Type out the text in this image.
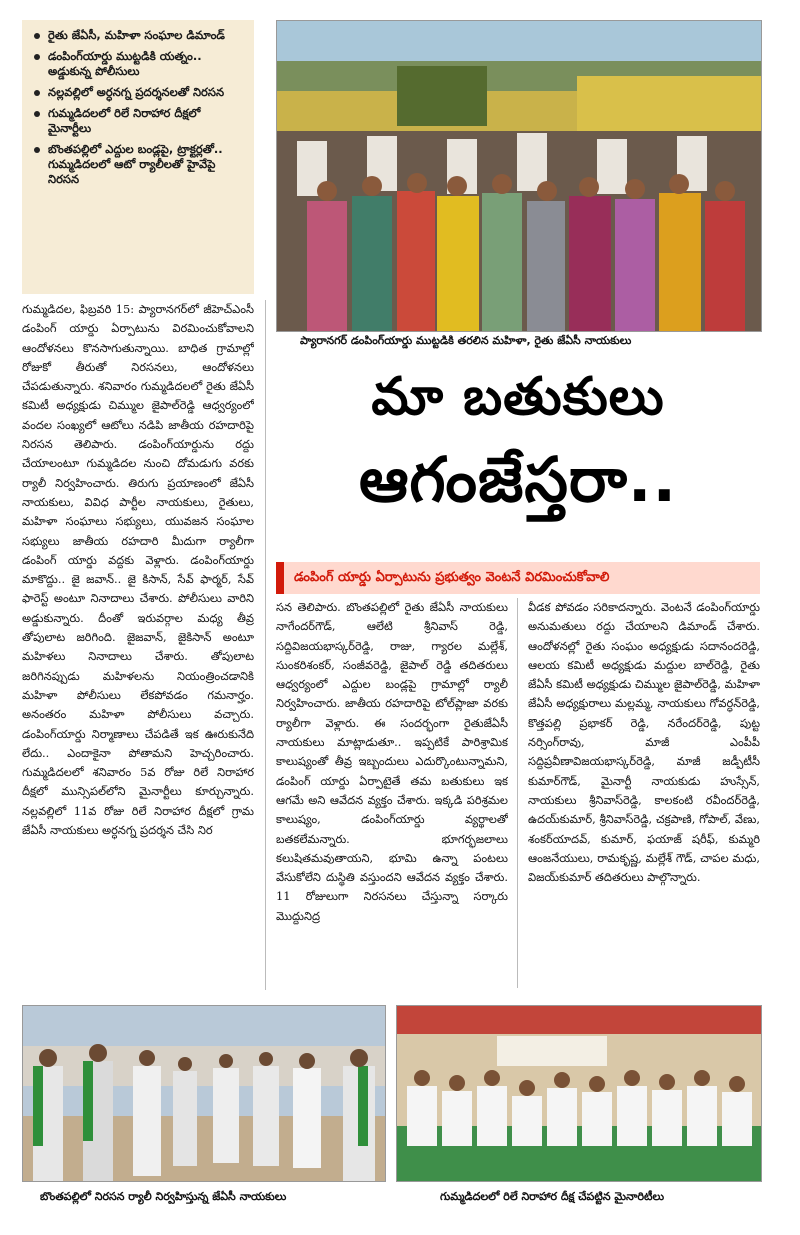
రైతు జేఏసీ, మహిళా సంఘాల డిమాండ్
డంపింగ్‌యార్డు ముట్టడికి యత్నం.. అడ్డుకున్న పోలీసులు
నల్లవల్లిలో అర్ధనగ్న ప్రదర్శనలతో నిరసన
గుమ్మడిదలలో రిలే నిరాహార దీక్షలో మైనార్టీలు
బొంతపల్లిలో ఎద్దుల బండ్లపై, ట్రాక్టర్లతో.. గుమ్మడిదలలో ఆటో ర్యాలీలతో హైవేపై నిరసన
ప్యారానగర్ డంపింగ్‌యార్డు ముట్టడికి తరలిన మహిళా, రైతు జేఏసీ నాయకులు
మా బతుకులు
ఆగంజేస్తరా..
డంపింగ్ యార్డు ఏర్పాటును ప్రభుత్వం వెంటనే విరమించుకోవాలి

గుమ్మడిదల, ఫిబ్రవరి 15: ప్యారానగర్‌లో జీహెచ్‌ఎంసీ డంపింగ్ యార్డు ఏర్పాటును విరమించుకోవాలని ఆందోళనలు కొనసాగుతున్నాయి. బాధిత గ్రామాల్లో రోజుకో తీరుతో నిరసనలు, ఆందోళనలు చేపడుతున్నారు. శనివారం గుమ్మడిదలలో రైతు జేఏసీ కమిటీ అధ్యక్షుడు చిమ్ముల జైపాల్‌రెడ్డి ఆధ్వర్యంలో వందల సంఖ్యలో ఆటోలు నడిపి జాతీయ రహదారిపై నిరసన తెలిపారు. డంపింగ్‌యార్డును రద్దు చేయాలంటూ గుమ్మడిదల నుంచి దోమడుగు వరకు ర్యాలీ నిర్వహించారు. తిరుగు ప్రయాణంలో జేఏసీ నాయకులు, వివిధ పార్టీల నాయకులు, రైతులు, మహిళా సంఘాలు సభ్యులు, యువజన సంఘాల సభ్యులు జాతీయ రహదారి మీదుగా ర్యాలీగా డంపింగ్ యార్డు వద్దకు వెళ్లారు. డంపింగ్‌యార్డు మాకొద్దు.. జై జవాన్.. జై కిసాన్, సేవ్ ఫార్మర్, సేవ్ ఫారెస్ట్ అంటూ నినాదాలు చేశారు. పోలీసులు వారిని అడ్డుకున్నారు. దీంతో ఇరువర్గాల మధ్య తీవ్ర తోపులాట జరిగింది. జైజవాన్, జైకిసాన్ అంటూ మహిళలు నినాదాలు చేశారు. తోపులాట జరిగినప్పుడు మహిళలను నియంత్రించడానికి మహిళా పోలీసులు లేకపోవడం గమనార్హం. అనంతరం మహిళా పోలీసులు వచ్చారు. డంపింగ్‌యార్డు నిర్మాణాలు చేపడితే ఇక ఊరుకునేది లేదు.. ఎందాకైనా పోతామని హెచ్చరించారు. గుమ్మడిదలలో శనివారం 5వ రోజు రిలే నిరాహార దీక్షలో మున్సిపల్‌లోని మైనార్టీలు కూర్చున్నారు. నల్లవల్లిలో 11వ రోజు రిలే నిరాహార దీక్షలో గ్రామ జేఏసీ నాయకులు అర్ధనగ్న ప్రదర్శన చేసి నిర

సన తెలిపారు. బొంతపల్లిలో రైతు జేఏసీ నాయకులు నాగేందర్‌గౌడ్, ఆలేటి శ్రీనివాస్ రెడ్డి, సద్దివిజయభాస్కర్‌రెడ్డి, రాజు, గ్యారల మల్లేశ్, సుంకరిశంకర్, సంజీవరెడ్డి, జైపాల్ రెడ్డి తదితరులు ఆధ్వర్యంలో ఎద్దుల బండ్లపై గ్రామాల్లో ర్యాలీ నిర్వహించారు. జాతీయ రహదారిపై టోల్‌ప్లాజా వరకు ర్యాలీగా వెళ్లారు. ఈ సందర్భంగా రైతుజేఏసీ నాయకులు మాట్లాడుతూ.. ఇప్పటికే పారిశ్రామిక కాలుష్యంతో తీవ్ర ఇబ్బందులు ఎదుర్కొంటున్నామని, డంపింగ్ యార్డు ఏర్పాటైతే తమ బతుకులు ఇక ఆగమే అని ఆవేదన వ్యక్తం చేశారు. ఇక్కడి పరిశ్రమల కాలుష్యం, డంపింగ్‌యార్డు వ్యర్థాలతో బతకలేమన్నారు. భూగర్భజలాలు కలుషితమవుతాయని, భూమి ఉన్నా పంటలు వేసుకోలేని దుస్థితి వస్తుందని ఆవేదన వ్యక్తం చేశారు. 11 రోజులుగా నిరసనలు చేస్తున్నా సర్కారు మొద్దునిద్ర

వీడక పోవడం సరికాదన్నారు. వెంటనే డంపింగ్‌యార్డు అనుమతులు రద్దు చేయాలని డిమాండ్ చేశారు. ఆందోళనల్లో రైతు సంఘం అధ్యక్షుడు సదానందరెడ్డి, ఆలయ కమిటీ అధ్యక్షుడు మద్దుల బాల్‌రెడ్డి, రైతు జేఏసీ కమిటీ అధ్యక్షుడు చిమ్ముల జైపాల్‌రెడ్డి, మహిళా జేఏసీ అధ్యక్షురాలు మల్లమ్మ, నాయకులు గోవర్ధన్‌రెడ్డి, కొత్తపల్లి ప్రభాకర్ రెడ్డి, నరేందర్‌రెడ్డి, పుట్ట నర్సింగ్‌రావు, మాజీ ఎంపీపీ సద్దిప్రవీణావిజయభాస్కర్‌రెడ్డి, మాజీ జడ్పీటీసీ కుమార్‌గౌడ్, మైనార్టీ నాయకుడు హుస్సేన్, నాయకులు శ్రీనివాస్‌రెడ్డి, కాలకంటి రవీందర్‌రెడ్డి, ఉదయ్‌కుమార్, శ్రీనివాస్‌రెడ్డి, చక్రపాణి, గోపాల్, వేణు, శంకర్‌యాదవ్, కుమార్, ఫయాజ్ షరీఫ్, కుమ్మరి ఆంజనేయులు, రామకృష్ణ, మల్లేశ్ గౌడ్, చాపల మధు, విజయ్‌కుమార్ తదితరులు పాల్గొన్నారు.

బొంతపల్లిలో నిరసన ర్యాలీ నిర్వహిస్తున్న జేఏసీ నాయకులు	గుమ్మడిదలలో రిలే నిరాహార దీక్ష చేపట్టిన మైనారిటీలు
